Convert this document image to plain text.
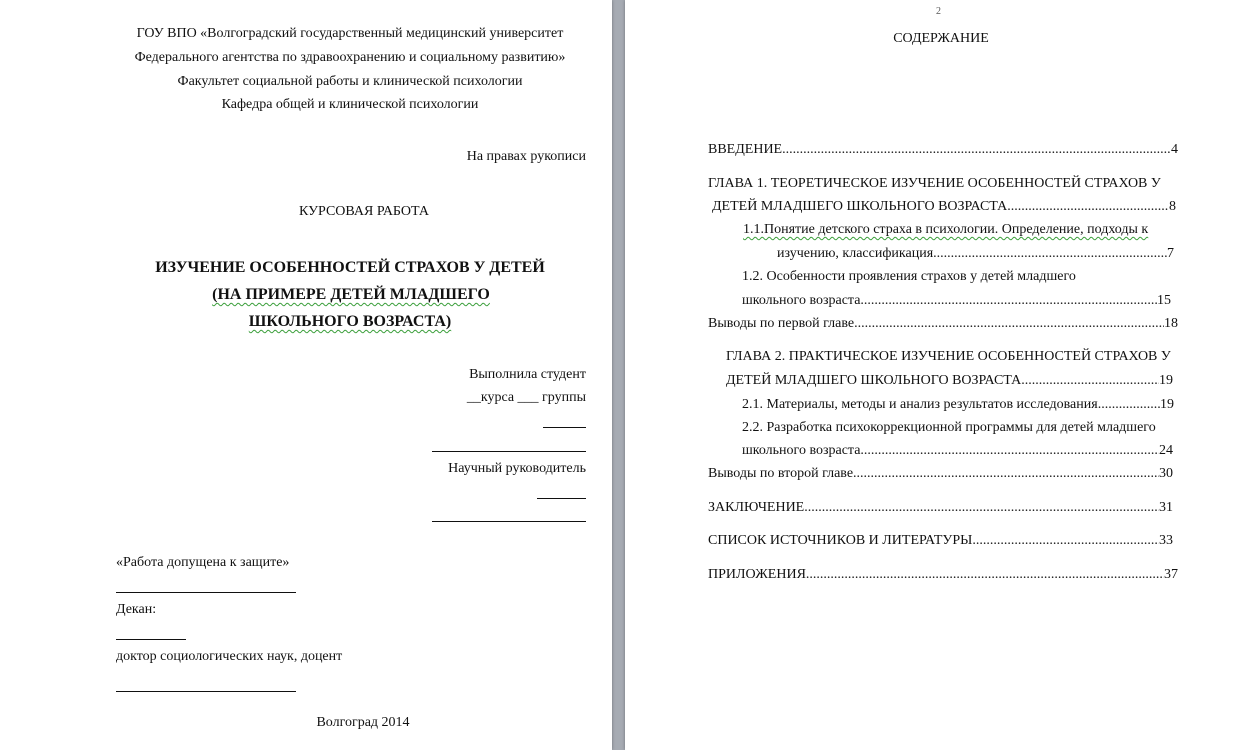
ГОУ ВПО «Волгоградский государственный медицинский университет
Федерального агентства по здравоохранению и социальному развитию»
Факультет социальной работы и клинической психологии
Кафедра общей и клинической психологии
На правах рукописи
КУРСОВАЯ РАБОТА
ИЗУЧЕНИЕ ОСОБЕННОСТЕЙ СТРАХОВ У ДЕТЕЙ
(НА ПРИМЕРЕ ДЕТЕЙ МЛАДШЕГО
ШКОЛЬНОГО ВОЗРАСТА)
Выполнила студент
__курса ___ группы
Научный руководитель
«Работа допущена к защите»
Декан:
доктор социологических наук, доцент
Волгоград 2014
2
СОДЕРЖАНИЕ
ВВЕДЕНИЕ .....	4
ГЛАВА 1. ТЕОРЕТИЧЕСКОЕ ИЗУЧЕНИЕ ОСОБЕННОСТЕЙ СТРАХОВ У
ДЕТЕЙ МЛАДШЕГО ШКОЛЬНОГО ВОЗРАСТА .....	8
1.1.Понятие детского страха в психологии. Определение, подходы к
изучению, классификация .....	7
1.2. Особенности проявления страхов у детей младшего
школьного возраста .....	15
Выводы по первой главе .....	18
ГЛАВА 2. ПРАКТИЧЕСКОЕ ИЗУЧЕНИЕ ОСОБЕННОСТЕЙ СТРАХОВ У
ДЕТЕЙ МЛАДШЕГО ШКОЛЬНОГО ВОЗРАСТА .....	19
2.1. Материалы, методы и анализ результатов исследования .....	19
2.2. Разработка психокоррекционной программы для детей младшего
школьного возраста .....	24
Выводы по второй главе .....	30
ЗАКЛЮЧЕНИЕ .....	31
СПИСОК ИСТОЧНИКОВ И ЛИТЕРАТУРЫ .....	33
ПРИЛОЖЕНИЯ .....	37
